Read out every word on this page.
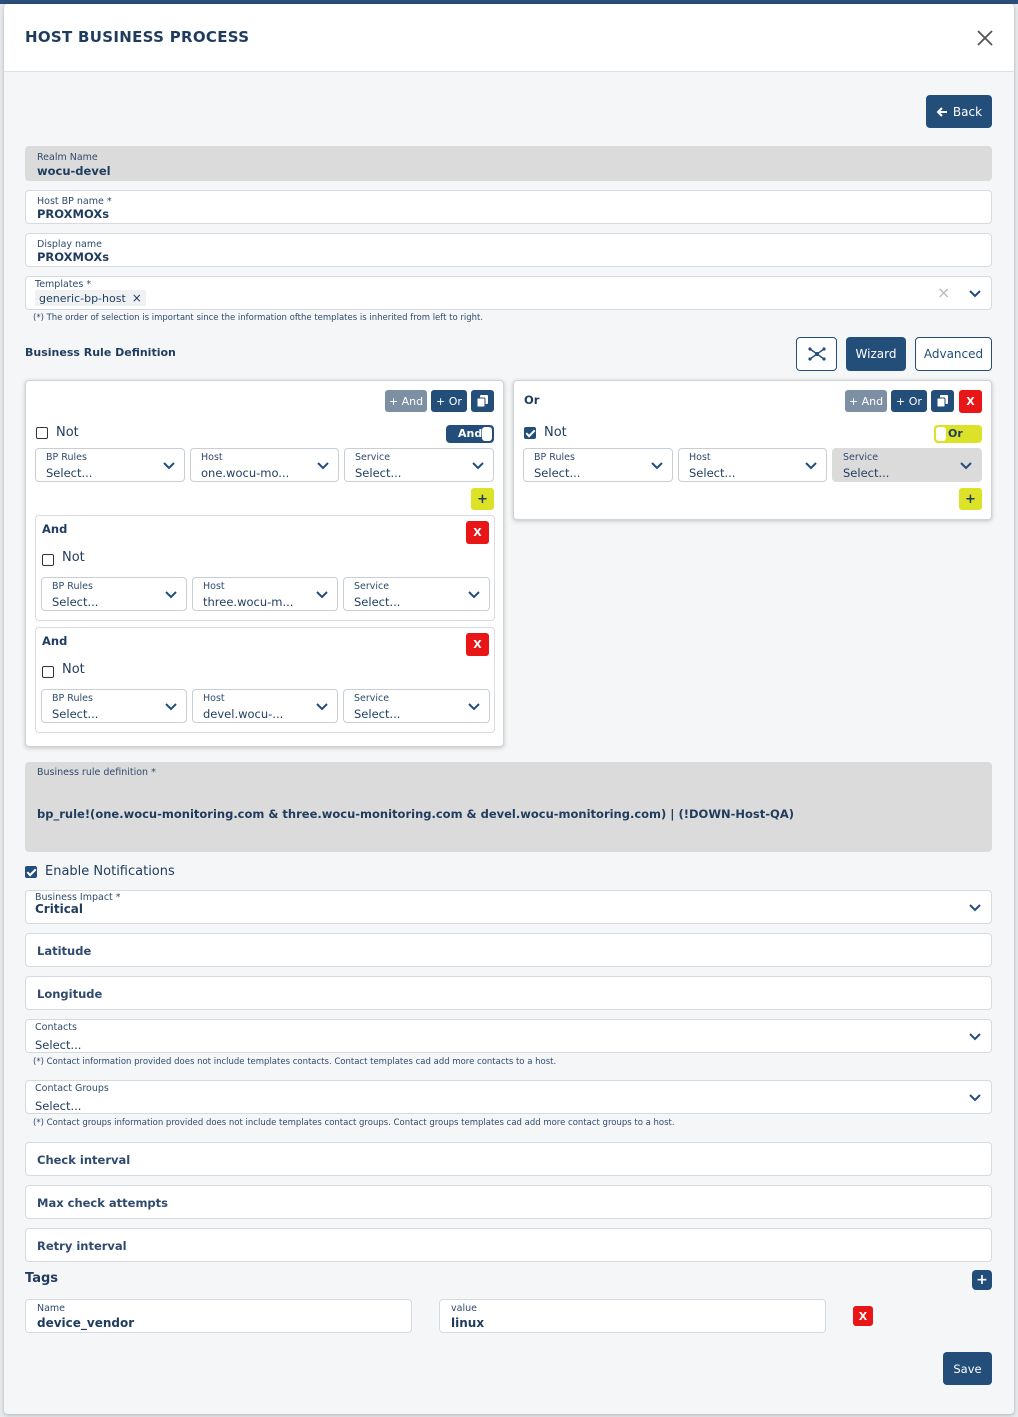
HOST BUSINESS PROCESS
Back
Realm Name
wocu-devel
Host BP name *
PROXMOXs
Display name
PROXMOXs
Templates *
generic-bp-host ×	×
(*) The order of selection is important since the information ofthe templates is inherited from left to right.
Business Rule Definition	Wizard	Advanced
+ And	+ Or
Not	And
BP Rules
Select...
Host
one.wocu-mo...
Service
Select...
+
And	X
Not
BP Rules
Select...
Host
three.wocu-m...
Service
Select...
And	X
Not
BP Rules
Select...
Host
devel.wocu-...
Service
Select...
Or	+ And	+ Or	X
Not	Or
BP Rules
Select...
Host
Select...
Service
Select...
+
Business rule definition *
bp_rule!(one.wocu-monitoring.com & three.wocu-monitoring.com & devel.wocu-monitoring.com) | (!DOWN-Host-QA)
Enable Notifications
Business Impact *
Critical
Latitude
Longitude
Contacts
Select...
(*) Contact information provided does not include templates contacts. Contact templates cad add more contacts to a host.
Contact Groups
Select...
(*) Contact groups information provided does not include templates contact groups. Contact groups templates cad add more contact groups to a host.
Check interval
Max check attempts
Retry interval
Tags	+
Name
device_vendor
value
linux	X
Save
